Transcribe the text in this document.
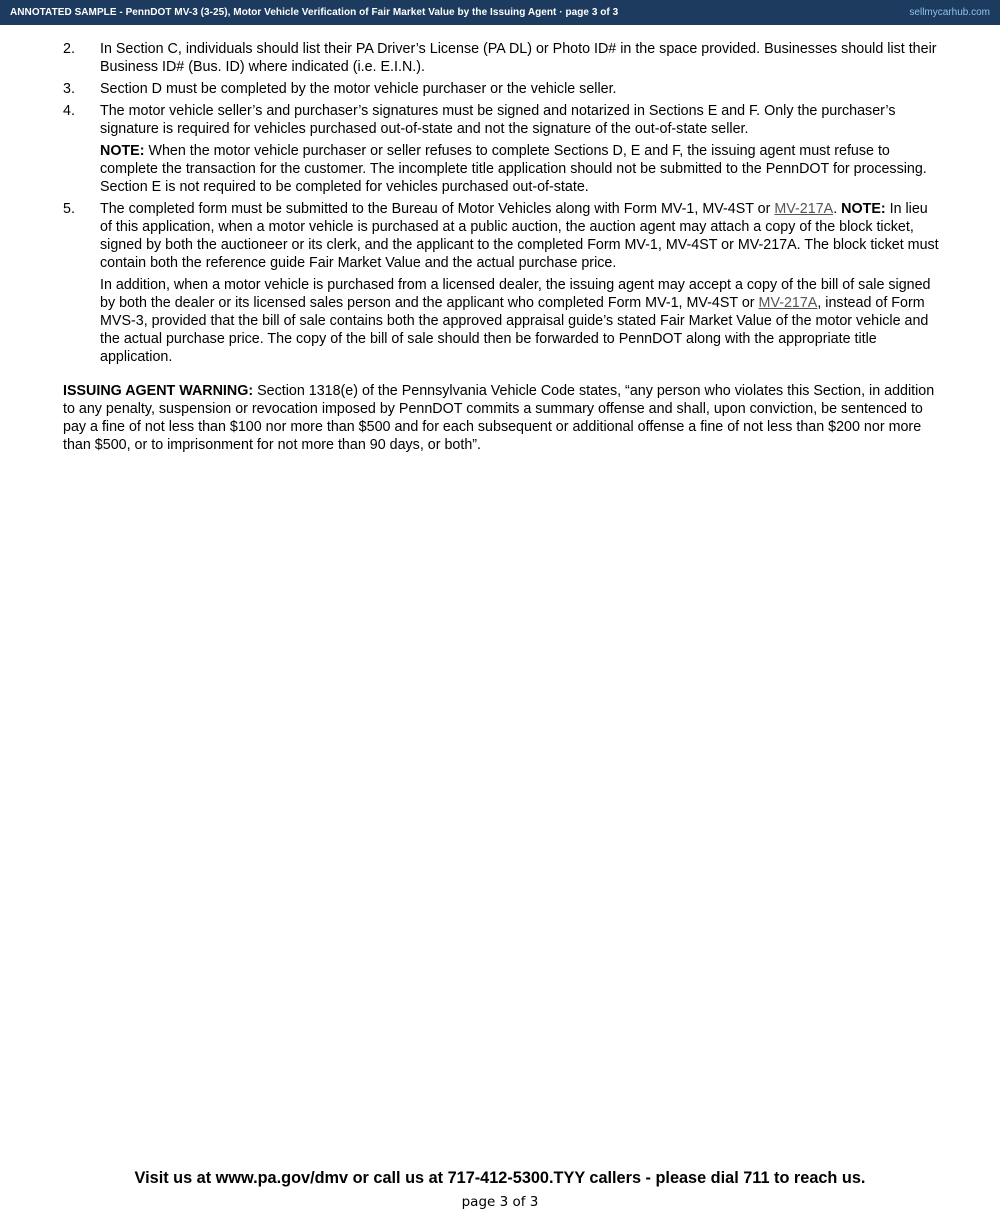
ANNOTATED SAMPLE - PennDOT MV-3 (3-25), Motor Vehicle Verification of Fair Market Value by the Issuing Agent · page 3 of 3	sellmycarhub.com
2.	In Section C, individuals should list their PA Driver’s License (PA DL) or Photo ID# in the space provided. Businesses should list their Business ID# (Bus. ID) where indicated (i.e. E.I.N.).
3.	Section D must be completed by the motor vehicle purchaser or the vehicle seller.
4.	The motor vehicle seller’s and purchaser’s signatures must be signed and notarized in Sections E and F. Only the purchaser’s signature is required for vehicles purchased out-of-state and not the signature of the out-of-state seller.
NOTE: When the motor vehicle purchaser or seller refuses to complete Sections D, E and F, the issuing agent must refuse to complete the transaction for the customer. The incomplete title application should not be submitted to the PennDOT for processing. Section E is not required to be completed for vehicles purchased out-of-state.
5.	The completed form must be submitted to the Bureau of Motor Vehicles along with Form MV-1, MV-4ST or MV-217A. NOTE: In lieu of this application, when a motor vehicle is purchased at a public auction, the auction agent may attach a copy of the block ticket, signed by both the auctioneer or its clerk, and the applicant to the completed Form MV-1, MV-4ST or MV-217A. The block ticket must contain both the reference guide Fair Market Value and the actual purchase price.
In addition, when a motor vehicle is purchased from a licensed dealer, the issuing agent may accept a copy of the bill of sale signed by both the dealer or its licensed sales person and the applicant who completed Form MV-1, MV-4ST or MV-217A, instead of Form MVS-3, provided that the bill of sale contains both the approved appraisal guide’s stated Fair Market Value of the motor vehicle and the actual purchase price. The copy of the bill of sale should then be forwarded to PennDOT along with the appropriate title application.
ISSUING AGENT WARNING: Section 1318(e) of the Pennsylvania Vehicle Code states, “any person who violates this Section, in addition to any penalty, suspension or revocation imposed by PennDOT commits a summary offense and shall, upon conviction, be sentenced to pay a fine of not less than $100 nor more than $500 and for each subsequent or additional offense a fine of not less than $200 nor more than $500, or to imprisonment for not more than 90 days, or both”.
Visit us at www.pa.gov/dmv or call us at 717-412-5300.TYY callers - please dial 711 to reach us.
page 3 of 3
